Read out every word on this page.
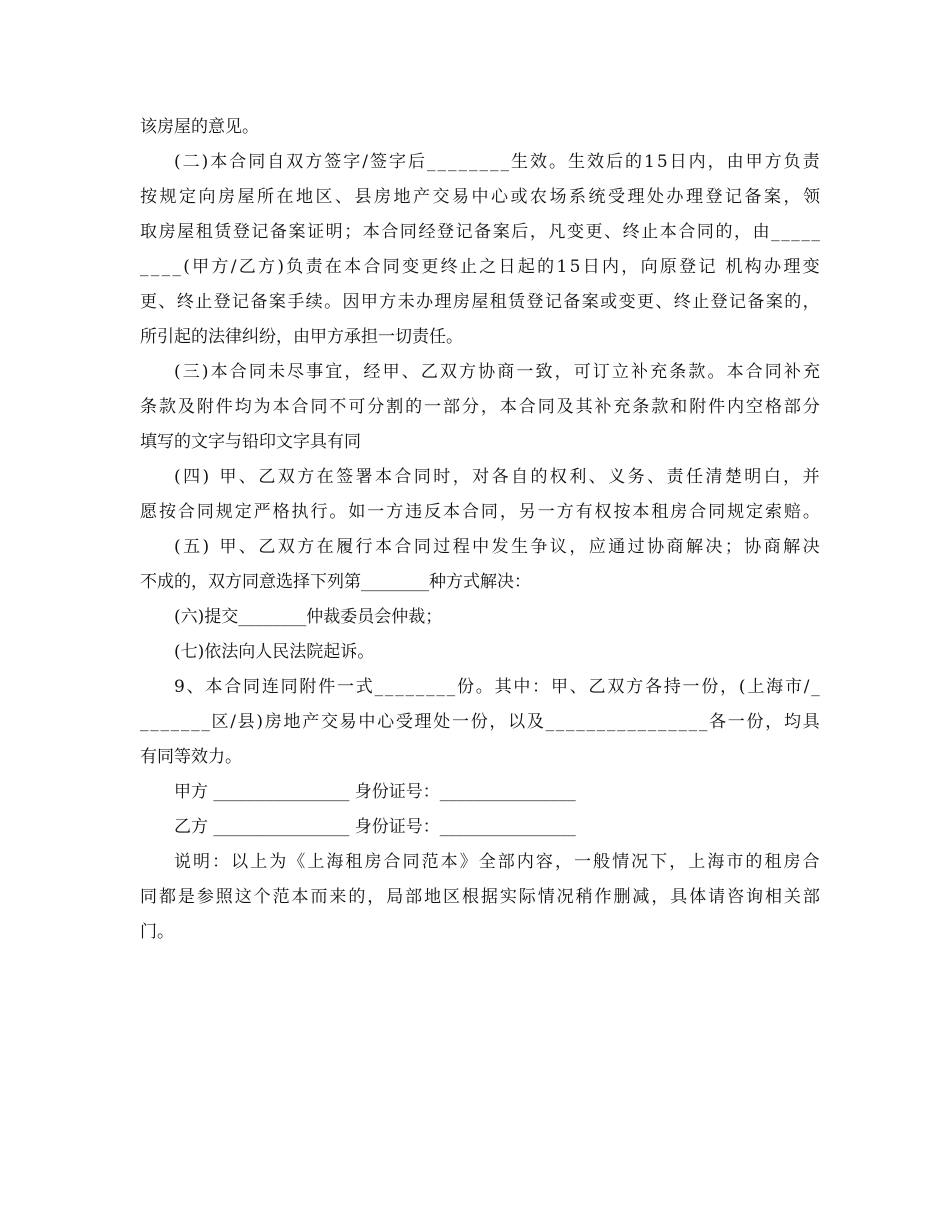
该房屋的意见。
( 二 ) 本 合 同 自 双 方 签 字 / 签 字 后 _ _ _ _ _ _ _ _ 生 效 。 生 效 后 的 1 5 日 内 ， 由 甲 方 负 责
按 规 定 向 房 屋 所 在 地 区 、 县 房 地 产 交 易 中 心 或 农 场 系 统 受 理 处 办 理 登 记 备 案 ， 领
取 房 屋 租 赁 登 记 备 案 证 明 ； 本 合 同 经 登 记 备 案 后 ， 凡 变 更 、 终 止 本 合 同 的 ， 由 _ _ _ _ _
_ _ _ _ ( 甲 方 / 乙 方 ) 负 责 在 本 合 同 变 更 终 止 之 日 起 的 1 5 日 内 ， 向 原 登 记
机 构 办 理 变
更 、 终 止 登 记 备 案 手 续 。 因 甲 方 未 办 理 房 屋 租 赁 登 记 备 案 或 变 更 、 终 止 登 记 备 案 的 ，
所引起的法律纠纷，由甲方承担一切责任。
( 三 ) 本 合 同 未 尽 事 宜 ， 经 甲 、 乙 双 方 协 商 一 致 ， 可 订 立 补 充 条 款 。 本 合 同 补 充
条 款 及 附 件 均 为 本 合 同 不 可 分 割 的 一 部 分 ， 本 合 同 及 其 补 充 条 款 和 附 件 内 空 格 部 分
填写的文字与铅印文字具有同
( 四 )
甲 、 乙 双 方 在 签 署 本 合 同 时 ， 对 各 自 的 权 利 、 义 务 、 责 任 清 楚 明 白 ， 并
愿 按 合 同 规 定 严 格 执 行 。 如 一 方 违 反 本 合 同 ， 另 一 方 有 权 按 本 租 房 合 同 规 定 索 赔 。
( 五 )
甲 、 乙 双 方 在 履 行 本 合 同 过 程 中 发 生 争 议 ， 应 通 过 协 商 解 决 ； 协 商 解 决
不成的，双方同意选择下列第________种方式解决：
(六)提交________仲裁委员会仲裁；
(七)依法向人民法院起诉。
9 、 本 合 同 连 同 附 件 一 式 _ _ _ _ _ _ _ _ 份 。 其 中 ： 甲 、 乙 双 方 各 持 一 份 ， ( 上 海 市 / _
_ _ _ _ _ _ _ 区 / 县 ) 房 地 产 交 易 中 心 受 理 处 一 份 ， 以 及 _ _ _ _ _ _ _ _ _ _ _ _ _ _ _ _ 各 一 份 ， 均 具
有同等效力。
甲方 ________________ 身份证号：________________
乙方 ________________ 身份证号：________________
说 明 ： 以 上 为 《 上 海 租 房 合 同 范 本 》 全 部 内 容 ， 一 般 情 况 下 ， 上 海 市 的 租 房 合
同 都 是 参 照 这 个 范 本 而 来 的 ， 局 部 地 区 根 据 实 际 情 况 稍 作 删 减 ， 具 体 请 咨 询 相 关 部
门。
